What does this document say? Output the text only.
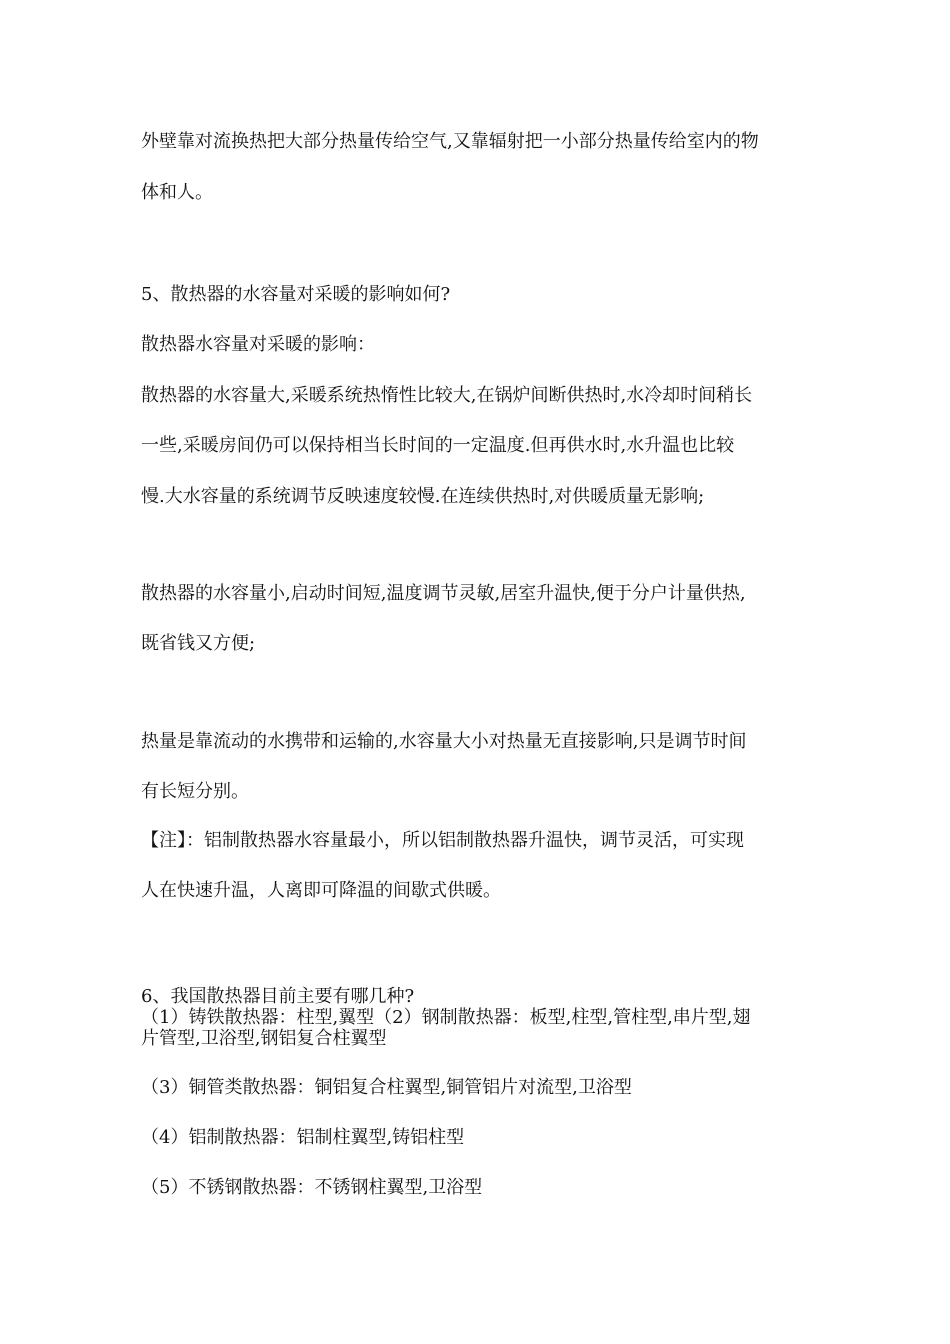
外壁靠对流换热把大部分热量传给空气,又靠辐射把一小部分热量传给室内的物
体和人。
5、散热器的水容量对采暖的影响如何?
散热器水容量对采暖的影响：
散热器的水容量大,采暖系统热惰性比较大,在锅炉间断供热时,水冷却时间稍长
一些,采暖房间仍可以保持相当长时间的一定温度.但再供水时,水升温也比较
慢.大水容量的系统调节反映速度较慢.在连续供热时,对供暖质量无影响;
散热器的水容量小,启动时间短,温度调节灵敏,居室升温快,便于分户计量供热,
既省钱又方便;
热量是靠流动的水携带和运输的,水容量大小对热量无直接影响,只是调节时间
有长短分别。
【注】：铝制散热器水容量最小，所以铝制散热器升温快，调节灵活，可实现
人在快速升温，人离即可降温的间歇式供暖。
6、我国散热器目前主要有哪几种?
（1）铸铁散热器：柱型,翼型（2）钢制散热器：板型,柱型,管柱型,串片型,翅
片管型,卫浴型,钢铝复合柱翼型
（3）铜管类散热器：铜铝复合柱翼型,铜管铝片对流型,卫浴型
（4）铝制散热器：铝制柱翼型,铸铝柱型
（5）不锈钢散热器：不锈钢柱翼型,卫浴型
